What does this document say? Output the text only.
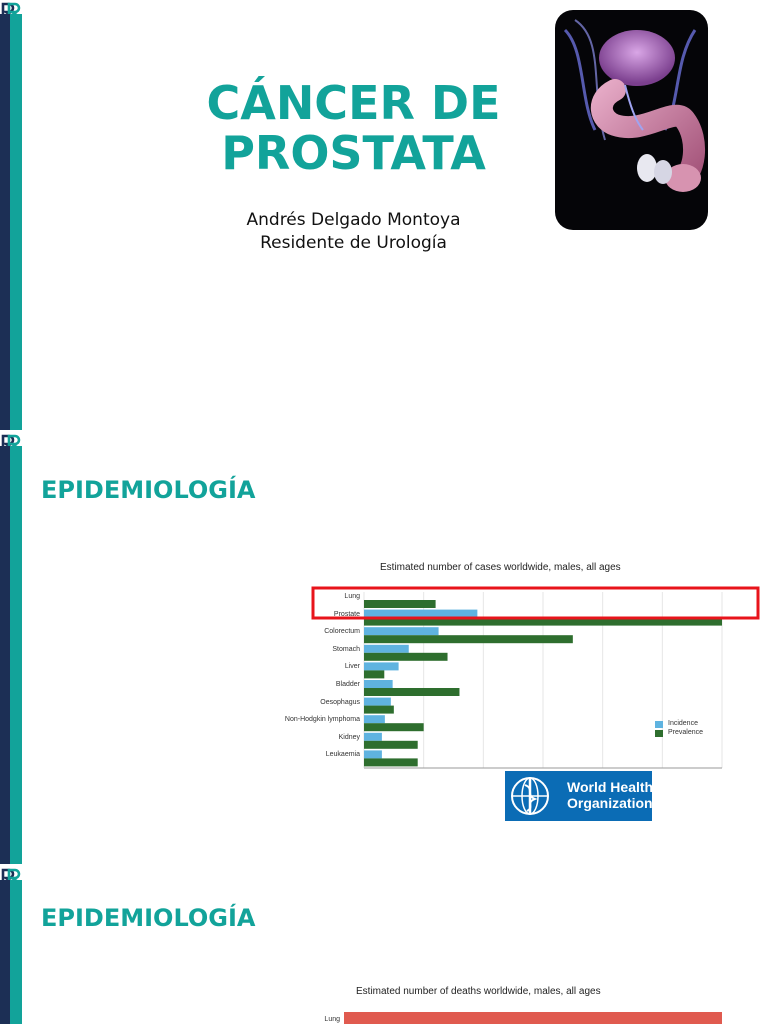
CÁNCER DE
PROSTATA
Andrés Delgado Montoya
Residente de Urología
EPIDEMIOLOGÍA
Estimated number of cases worldwide, males, all ages
Lung
Prostate
Colorectum
Stomach
Liver
Bladder
Oesophagus
Non-Hodgkin lymphoma
Kidney
Leukaemia
Incidence
Prevalence
World Health
Organization
EPIDEMIOLOGÍA
Estimated number of deaths worldwide, males, all ages
Lung
